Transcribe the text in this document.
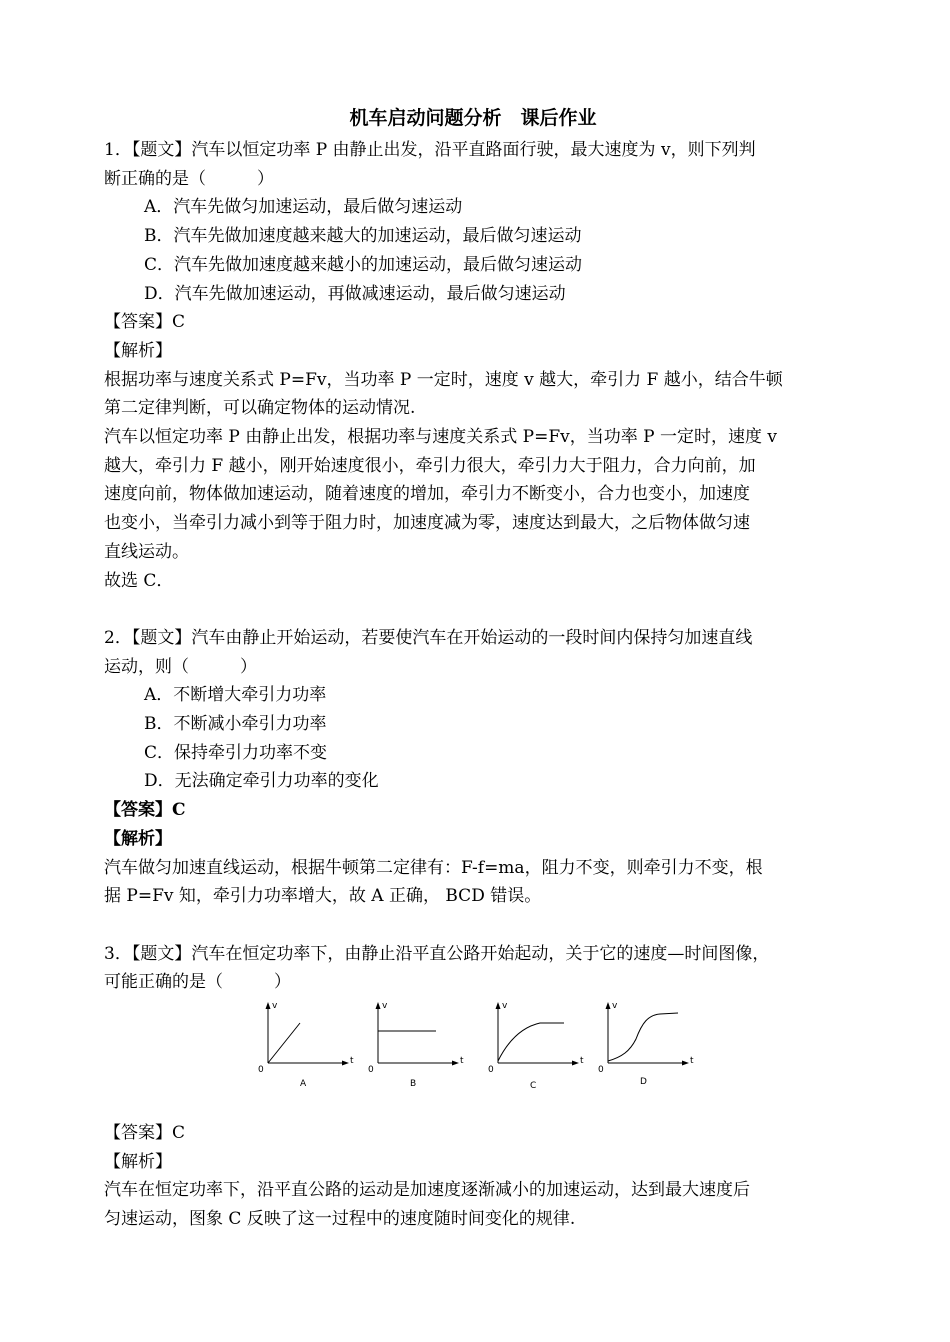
机车启动问题分析　课后作业
1．【题文】汽车以恒定功率 P 由静止出发，沿平直路面行驶，最大速度为 v，则下列判
断正确的是（　　　）
A．汽车先做匀加速运动，最后做匀速运动
B．汽车先做加速度越来越大的加速运动，最后做匀速运动
C．汽车先做加速度越来越小的加速运动，最后做匀速运动
D．汽车先做加速运动，再做减速运动，最后做匀速运动
【答案】C
【解析】
根据功率与速度关系式 P=Fv，当功率 P 一定时，速度 v 越大，牵引力 F 越小，结合牛顿
第二定律判断，可以确定物体的运动情况.
汽车以恒定功率 P 由静止出发，根据功率与速度关系式 P=Fv，当功率 P 一定时，速度 v
越大，牵引力 F 越小，刚开始速度很小，牵引力很大，牵引力大于阻力，合力向前，加
速度向前，物体做加速运动，随着速度的增加，牵引力不断变小，合力也变小，加速度
也变小，当牵引力减小到等于阻力时，加速度减为零，速度达到最大，之后物体做匀速
直线运动。
故选 C．
2．【题文】汽车由静止开始运动，若要使汽车在开始运动的一段时间内保持匀加速直线
运动，则（　　　）
A．不断增大牵引力功率
B．不断减小牵引力功率
C．保持牵引力功率不变
D．无法确定牵引力功率的变化
【答案】C
【解析】
汽车做匀加速直线运动，根据牛顿第二定律有：F-f=ma，阻力不变，则牵引力不变，根
据 P=Fv 知，牵引力功率增大，故 A 正确， BCD 错误。
3．【题文】汽车在恒定功率下，由静止沿平直公路开始起动，关于它的速度—时间图像，
可能正确的是（　　　）
v
t
0
A
v
t
0
B
v
t
0
C
v
t
0
D
【答案】C
【解析】
汽车在恒定功率下，沿平直公路的运动是加速度逐渐减小的加速运动，达到最大速度后
匀速运动，图象 C 反映了这一过程中的速度随时间变化的规律.
